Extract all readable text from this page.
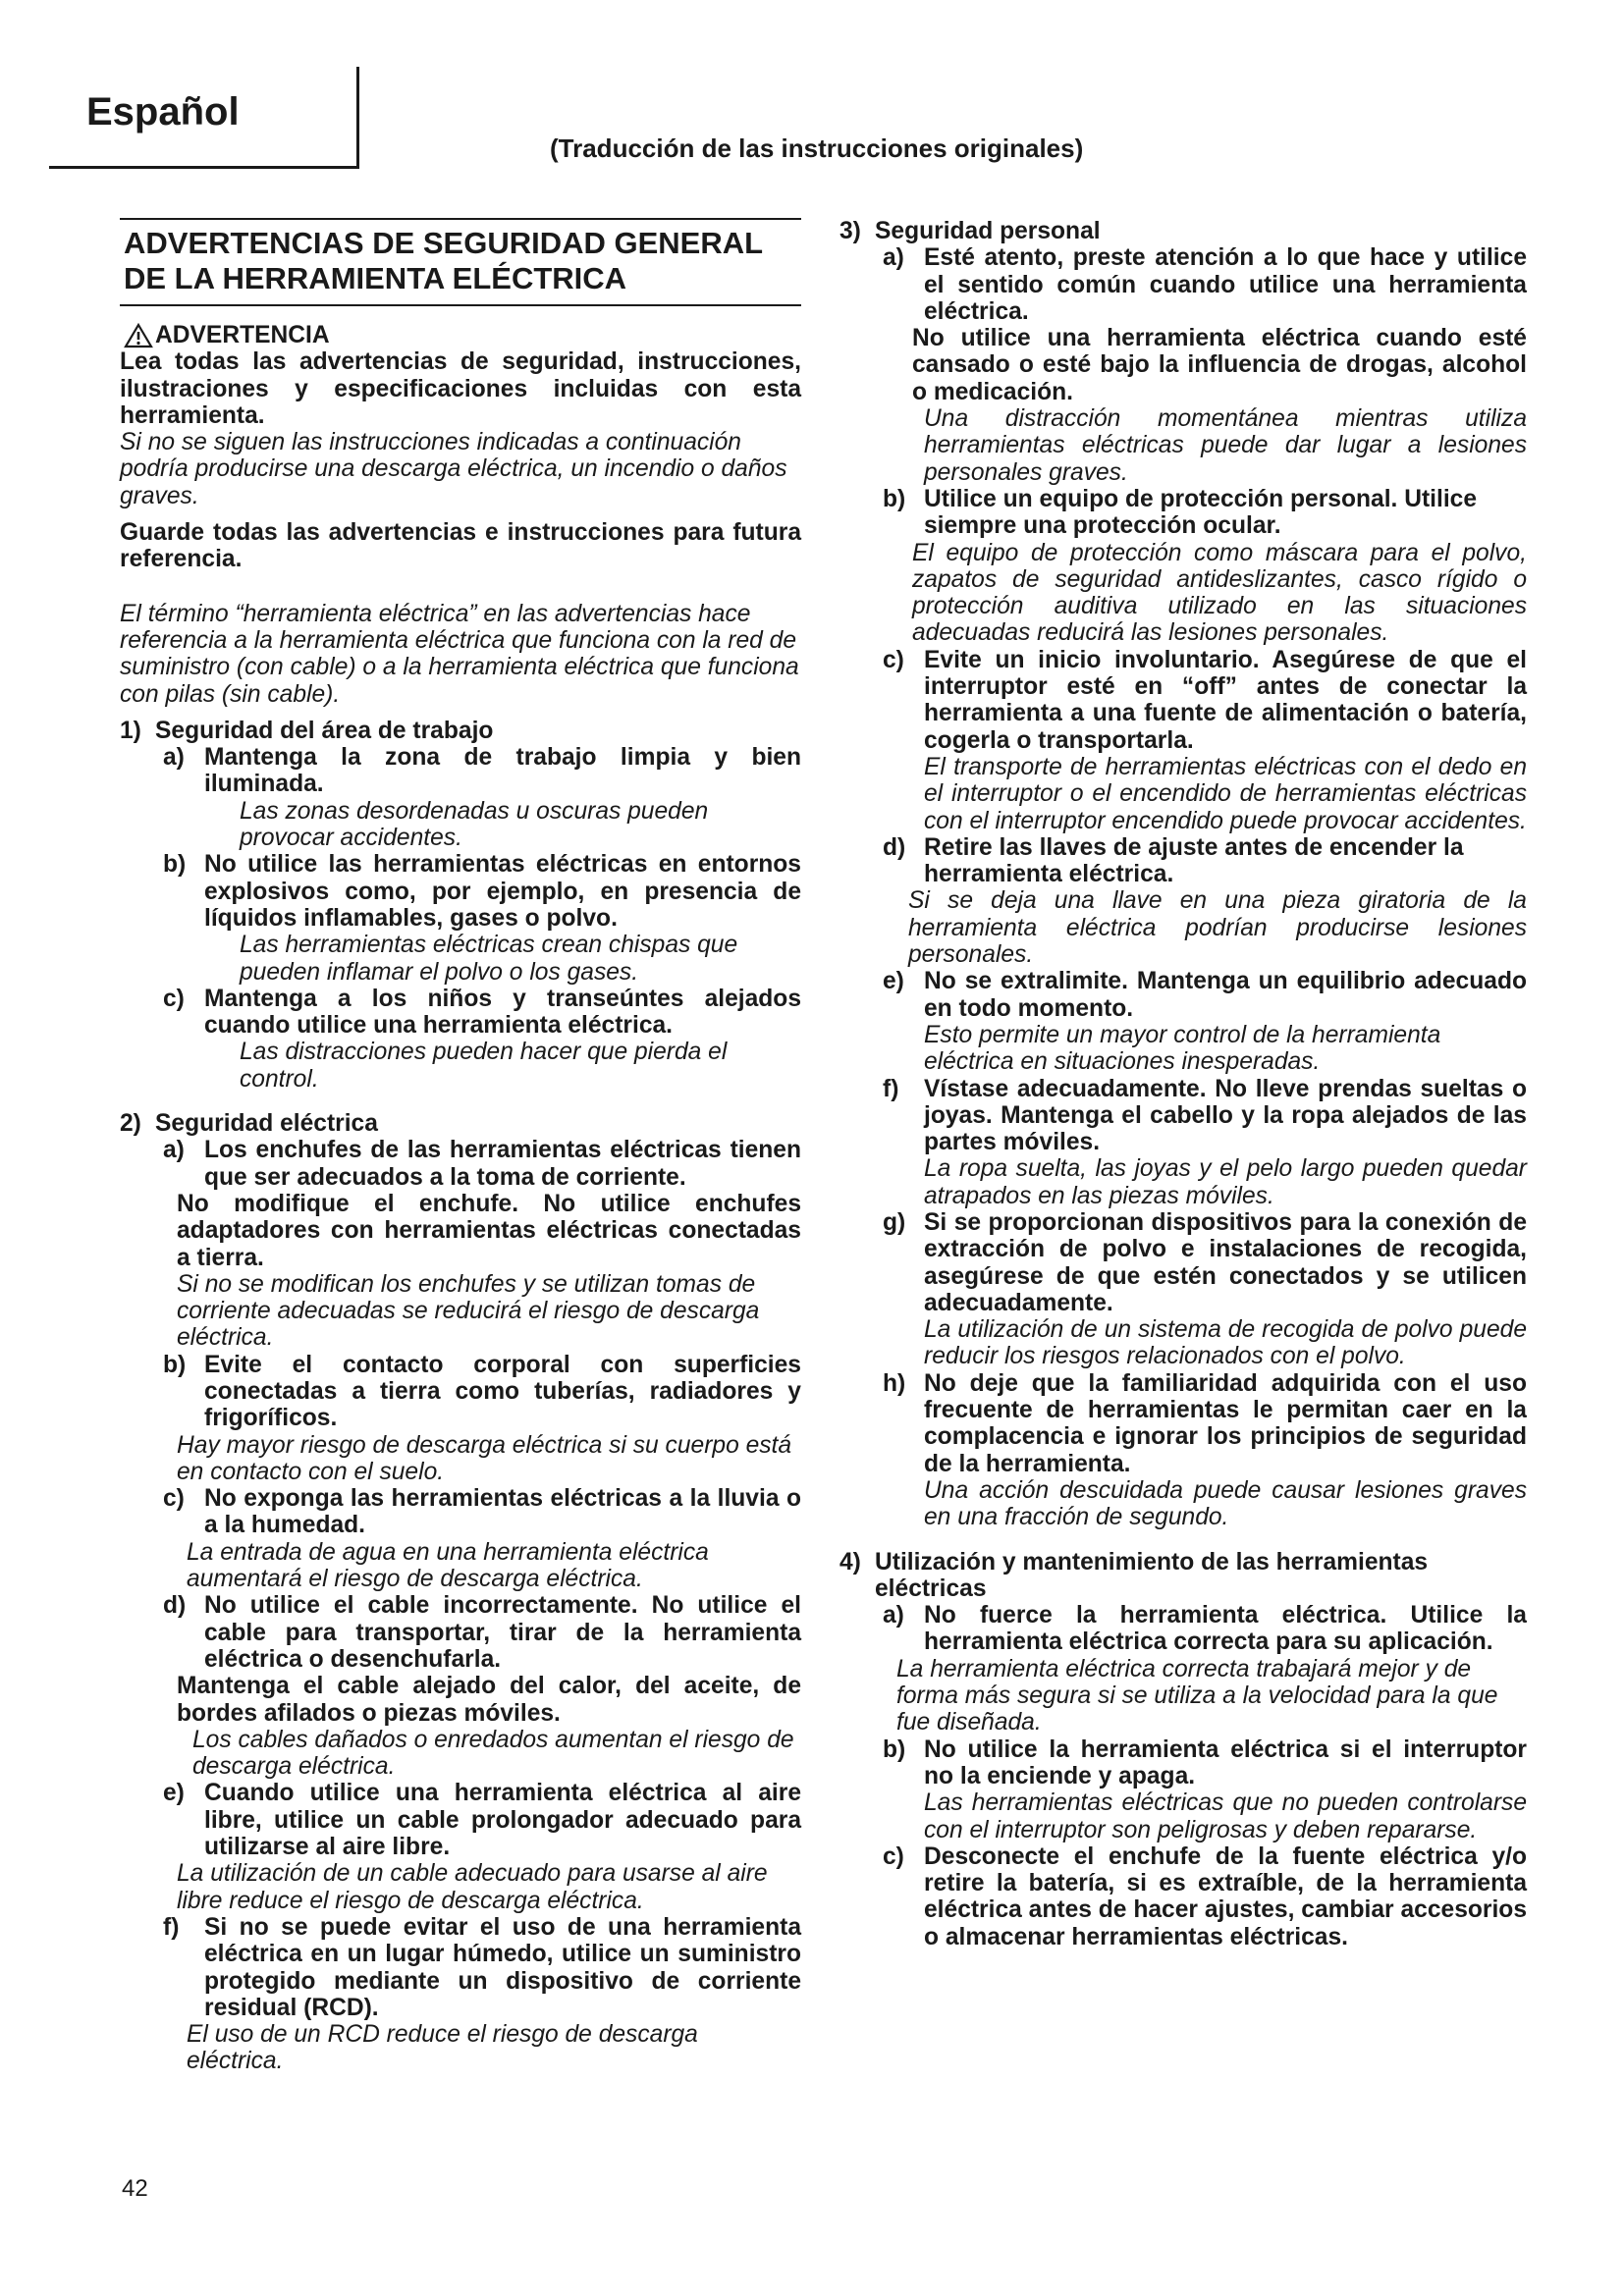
Español
(Traducción de las instrucciones originales)

ADVERTENCIAS DE SEGURIDAD GENERAL DE LA HERRAMIENTA ELÉCTRICA

ADVERTENCIA

Lea todas las advertencias de seguridad, instrucciones, ilustraciones y especificaciones incluidas con esta herramienta.

Si no se siguen las instrucciones indicadas a continuación podría producirse una descarga eléctrica, un incendio o daños graves.

Guarde todas las advertencias e instrucciones para futura referencia.

El término “herramienta eléctrica” en las advertencias hace referencia a la herramienta eléctrica que funciona con la red de suministro (con cable) o a la herramienta eléctrica que funciona con pilas (sin cable).

1) Seguridad del área de trabajo
a) Mantenga la zona de trabajo limpia y bien iluminada.

Las zonas desordenadas u oscuras pueden provocar accidentes.

b) No utilice las herramientas eléctricas en entornos explosivos como, por ejemplo, en presencia de líquidos inflamables, gases o polvo.

Las herramientas eléctricas crean chispas que pueden inflamar el polvo o los gases.

c) Mantenga a los niños y transeúntes alejados cuando utilice una herramienta eléctrica.

Las distracciones pueden hacer que pierda el control.

2) Seguridad eléctrica
a) Los enchufes de las herramientas eléctricas tienen que ser adecuados a la toma de corriente.

No modifique el enchufe. No utilice enchufes adaptadores con herramientas eléctricas conectadas a tierra.

Si no se modifican los enchufes y se utilizan tomas de corriente adecuadas se reducirá el riesgo de descarga eléctrica.

b) Evite el contacto corporal con superficies conectadas a tierra como tuberías, radiadores y frigoríficos.

Hay mayor riesgo de descarga eléctrica si su cuerpo está en contacto con el suelo.

c) No exponga las herramientas eléctricas a la lluvia o a la humedad.

La entrada de agua en una herramienta eléctrica aumentará el riesgo de descarga eléctrica.

d) No utilice el cable incorrectamente. No utilice el cable para transportar, tirar de la herramienta eléctrica o desenchufarla.

Mantenga el cable alejado del calor, del aceite, de bordes afilados o piezas móviles.

Los cables dañados o enredados aumentan el riesgo de descarga eléctrica.

e) Cuando utilice una herramienta eléctrica al aire libre, utilice un cable prolongador adecuado para utilizarse al aire libre.

La utilización de un cable adecuado para usarse al aire libre reduce el riesgo de descarga eléctrica.

f)	Si no se puede evitar el uso de una herramienta eléctrica en un lugar húmedo, utilice un suministro protegido mediante un dispositivo de corriente residual (RCD).

El uso de un RCD reduce el riesgo de descarga eléctrica.

3) Seguridad personal
a) Esté atento, preste atención a lo que hace y utilice el sentido común cuando utilice una herramienta eléctrica.

No utilice una herramienta eléctrica cuando esté cansado o esté bajo la influencia de drogas, alcohol o medicación.

Una distracción momentánea mientras utiliza herramientas eléctricas puede dar lugar a lesiones personales graves.

b) Utilice un equipo de protección personal. Utilice siempre una protección ocular.

El equipo de protección como máscara para el polvo, zapatos de seguridad antideslizantes, casco rígido o protección auditiva utilizado en las situaciones adecuadas reducirá las lesiones personales.

c) Evite un inicio involuntario. Asegúrese de que el interruptor esté en “off” antes de conectar la herramienta a una fuente de alimentación o batería, cogerla o transportarla.

El transporte de herramientas eléctricas con el dedo en el interruptor o el encendido de herramientas eléctricas con el interruptor encendido puede provocar accidentes.

d) Retire las llaves de ajuste antes de encender la herramienta eléctrica.

Si se deja una llave en una pieza giratoria de la herramienta eléctrica podrían producirse lesiones personales.

e) No se extralimite. Mantenga un equilibrio adecuado en todo momento.

Esto permite un mayor control de la herramienta eléctrica en situaciones inesperadas.

f)	Vístase adecuadamente. No lleve prendas sueltas o joyas. Mantenga el cabello y la ropa alejados de las partes móviles.

La ropa suelta, las joyas y el pelo largo pueden quedar atrapados en las piezas móviles.

g) Si se proporcionan dispositivos para la conexión de extracción de polvo e instalaciones de recogida, asegúrese de que estén conectados y se utilicen adecuadamente.

La utilización de un sistema de recogida de polvo puede reducir los riesgos relacionados con el polvo.

h) No deje que la familiaridad adquirida con el uso frecuente de herramientas le permitan caer en la complacencia e ignorar los principios de seguridad de la herramienta.

Una acción descuidada puede causar lesiones graves en una fracción de segundo.

4) Utilización y mantenimiento de las herramientas eléctricas
a) No fuerce la herramienta eléctrica. Utilice la herramienta eléctrica correcta para su aplicación.

La herramienta eléctrica correcta trabajará mejor y de forma más segura si se utiliza a la velocidad para la que fue diseñada.

b) No utilice la herramienta eléctrica si el interruptor no la enciende y apaga.

Las herramientas eléctricas que no pueden controlarse con el interruptor son peligrosas y deben repararse.

c) Desconecte el enchufe de la fuente eléctrica y/o retire la batería, si es extraíble, de la herramienta eléctrica antes de hacer ajustes, cambiar accesorios o almacenar herramientas eléctricas.
42
